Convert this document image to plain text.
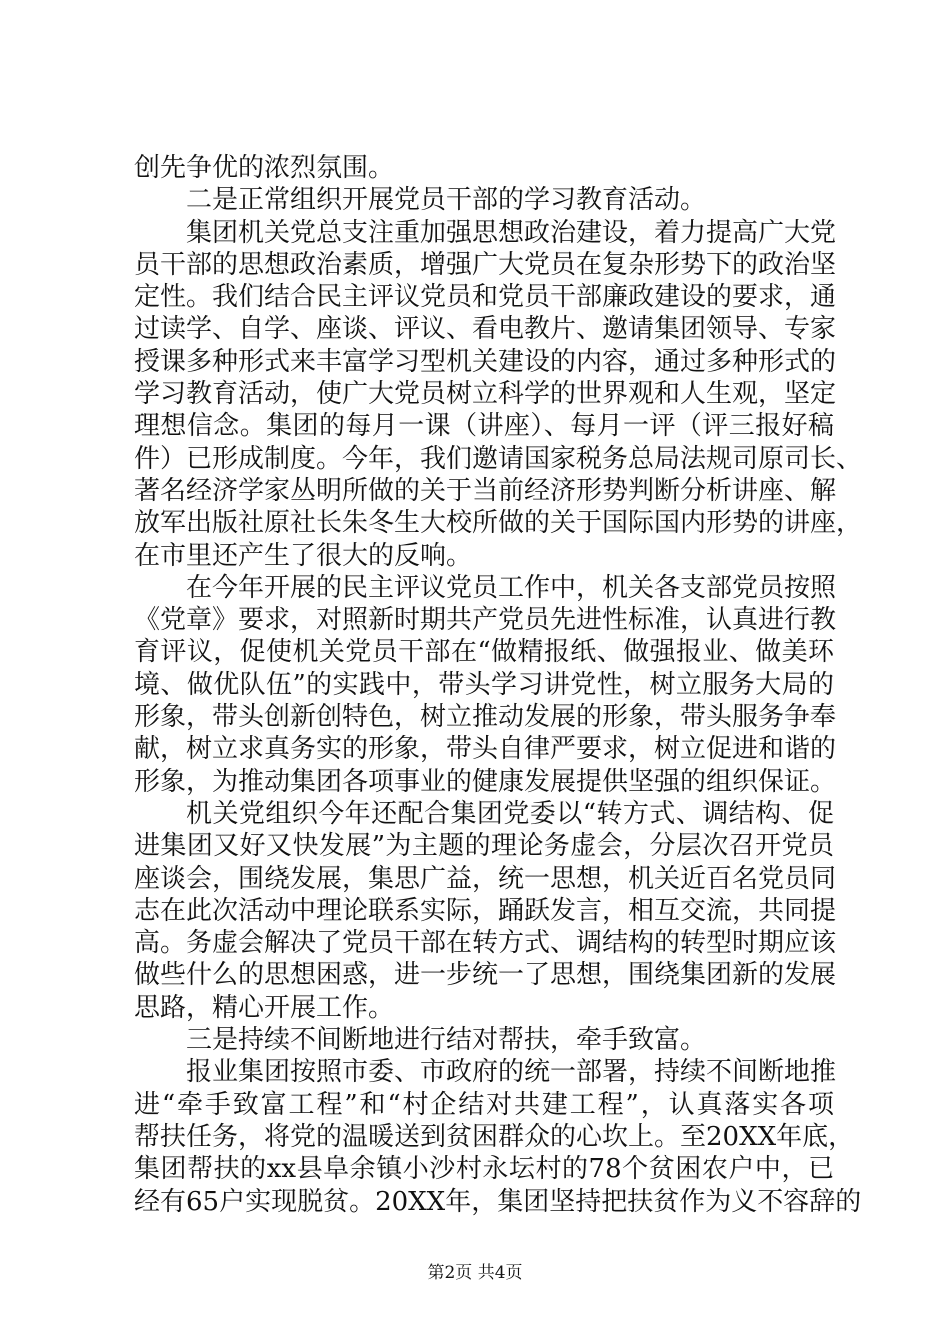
创先争优的浓烈氛围。
二是正常组织开展党员干部的学习教育活动。
集团机关党总支注重加强思想政治建设，着力提高广大党
员干部的思想政治素质，增强广大党员在复杂形势下的政治坚
定性。我们结合民主评议党员和党员干部廉政建设的要求，通
过读学、自学、座谈、评议、看电教片、邀请集团领导、专家
授课多种形式来丰富学习型机关建设的内容，通过多种形式的
学习教育活动，使广大党员树立科学的世界观和人生观，坚定
理想信念。集团的每月一课（讲座）、每月一评（评三报好稿
件）已形成制度。今年，我们邀请国家税务总局法规司原司长、
著名经济学家丛明所做的关于当前经济形势判断分析讲座、解
放军出版社原社长朱冬生大校所做的关于国际国内形势的讲座，
在市里还产生了很大的反响。
在今年开展的民主评议党员工作中，机关各支部党员按照
《党章》要求，对照新时期共产党员先进性标准，认真进行教
育评议，促使机关党员干部在“做精报纸、做强报业、做美环
境、做优队伍”的实践中，带头学习讲党性，树立服务大局的
形象，带头创新创特色，树立推动发展的形象，带头服务争奉
献，树立求真务实的形象，带头自律严要求，树立促进和谐的
形象，为推动集团各项事业的健康发展提供坚强的组织保证。
机关党组织今年还配合集团党委以“转方式、调结构、促
进集团又好又快发展”为主题的理论务虚会，分层次召开党员
座谈会，围绕发展，集思广益，统一思想，机关近百名党员同
志在此次活动中理论联系实际，踊跃发言，相互交流，共同提
高。务虚会解决了党员干部在转方式、调结构的转型时期应该
做些什么的思想困惑，进一步统一了思想，围绕集团新的发展
思路，精心开展工作。
三是持续不间断地进行结对帮扶，牵手致富。
报业集团按照市委、市政府的统一部署，持续不间断地推
进“牵手致富工程”和“村企结对共建工程”，认真落实各项
帮扶任务，将党的温暖送到贫困群众的心坎上。至20XX年底，
集团帮扶的xx县阜余镇小沙村永坛村的78个贫困农户中，已
经有65户实现脱贫。20XX年，集团坚持把扶贫作为义不容辞的
第2页 共4页
